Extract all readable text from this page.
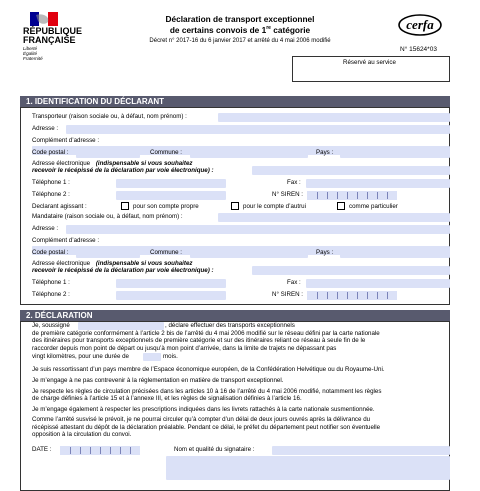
RÉPUBLIQUE
FRANÇAISE
Liberté
Égalité
Fraternité
Déclaration de transport exceptionnel
de certains convois de 1re catégorie
Décret n° 2017-16 du 6 janvier 2017 et arrêté du 4 mai 2006 modifié
cerfa
N° 15624*03
Réservé au service
1. IDENTIFICATION DU DÉCLARANT
Transporteur (raison sociale ou, à défaut, nom prénom) :
Adresse :
Complément d’adresse :
Code postal :	Commune :	Pays :
Adresse électronique (indispensable si vous souhaitez
recevoir le récépissé de la déclaration par voie électronique) :
Téléphone 1 :	Fax :
Téléphone 2 :	N° SIREN :
Declarant agissant :	pour son compte propre	pour le compte d’autrui	comme particulier
Mandataire (raison sociale ou, à défaut, nom prénom) :
Adresse :
Complément d’adresse :
Code postal :	Commune :	Pays :
Adresse électronique (indispensable si vous souhaitez
recevoir le récépissé de la déclaration par voie électronique) :
Téléphone 1 :	Fax :
Téléphone 2 :	N° SIREN :
2. DÉCLARATION
Je, soussigné	, déclare effectuer des transports exceptionnels
de première catégorie conformément à l’article 2 bis de l’arrêté du 4 mai 2006 modifié sur le réseau défini par la carte nationale
des itinéraires pour transports exceptionnels de première catégorie et sur des itinéraires reliant ce réseau à seule fin de le
raccorder depuis mon point de départ ou jusqu’à mon point d’arrivée, dans la limite de trajets ne dépassant pas
vingt kilomètres, pour une durée de	mois.
Je suis ressortissant d’un pays membre de l’Espace économique européen, de la Confédération Helvétique ou du Royaume-Uni.
Je m’engage à ne pas contrevenir à la réglementation en matière de transport exceptionnel.
Je respecte les règles de circulation précisées dans les articles 10 à 16 de l’arrêté du 4 mai 2006 modifié, notamment les règles
de charge définies à l’article 15 et à l’annexe III, et les règles de signalisation définies à l’article 16.
Je m’engage également à respecter les prescriptions indiquées dans les livrets rattachés à la carte nationale susmentionnée.
Comme l’arrêté susvisé le prévoit, je ne pourrai circuler qu’à compter d’un délai de deux jours ouvrés après la délivrance du
récépissé attestant du dépôt de la déclaration préalable. Pendant ce délai, le préfet du département peut notifier son éventuelle
opposition à la circulation du convoi.
DATE :	Nom et qualité du signataire :
